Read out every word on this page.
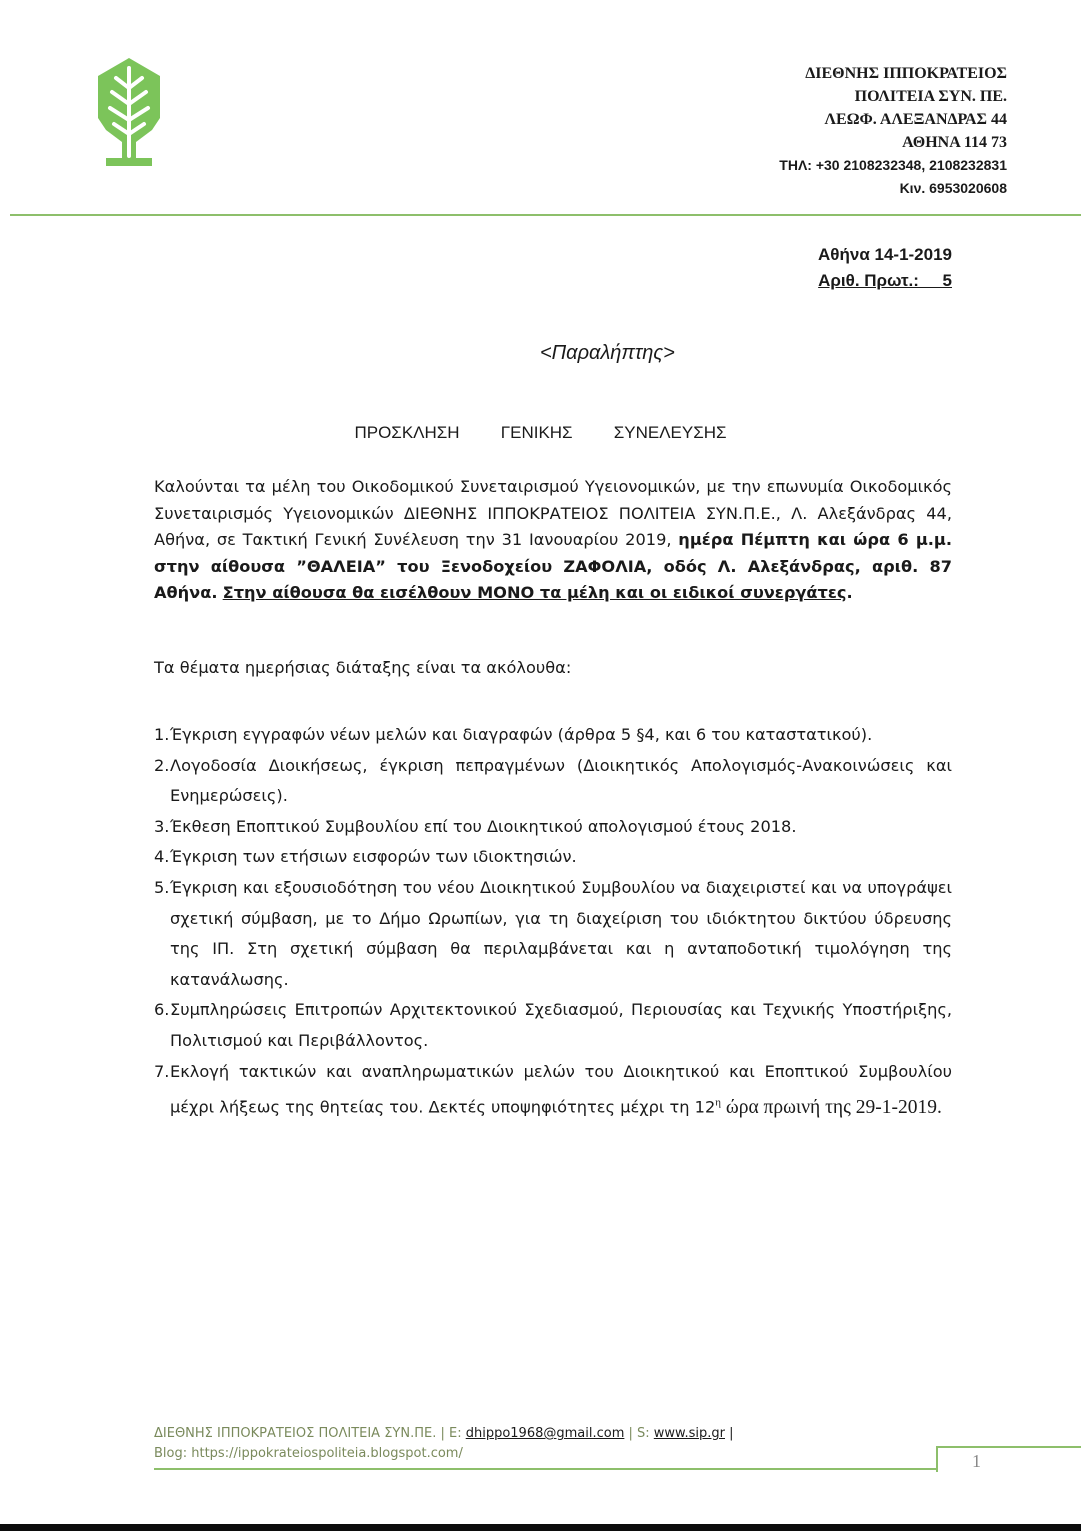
ΔΙΕΘΝΗΣ ΙΠΠΟΚΡΑΤΕΙΟΣ
ΠΟΛΙΤΕΙΑ ΣΥΝ. ΠΕ.
ΛΕΩΦ. ΑΛΕΞΑΝΔΡΑΣ 44
ΑΘΗΝΑ 114 73
ΤΗΛ: +30 2108232348, 2108232831
Κιν. 6953020608
Αθήνα 14-1-2019
Αριθ. Πρωτ.:     5
<Παραλήπτης>
ΠΡΟΣΚΛΗΣΗ   ΓΕΝΙΚΗΣ   ΣΥΝΕΛΕΥΣΗΣ
Καλούνται τα μέλη του Οικοδομικού Συνεταιρισμού Υγειονομικών, με την επωνυμία Οικοδομικός Συνεταιρισμός Υγειονομικών ΔΙΕΘΝΗΣ ΙΠΠΟΚΡΑΤΕΙΟΣ ΠΟΛΙΤΕΙΑ ΣΥΝ.Π.Ε., Λ. Αλεξάνδρας 44, Αθήνα, σε Τακτική Γενική Συνέλευση την 31 Ιανουαρίου 2019, ημέρα Πέμπτη και ώρα 6 μ.μ. στην αίθουσα ”ΘΑΛΕΙΑ” του Ξενοδοχείου ΖΑΦΟΛΙΑ, οδός Λ. Αλεξάνδρας, αριθ. 87 Αθήνα. Στην αίθουσα θα εισέλθουν ΜΟΝΟ τα μέλη και οι ειδικοί συνεργάτες.
Τα θέματα ημερήσιας διάταξης είναι τα ακόλουθα:
1. Έγκριση εγγραφών νέων μελών και διαγραφών (άρθρα 5 §4, και 6 του καταστατικού).
2. Λογοδοσία Διοικήσεως, έγκριση πεπραγμένων (Διοικητικός Απολογισμός-Ανακοινώσεις και Ενημερώσεις).
3. Έκθεση Εποπτικού Συμβουλίου επί του Διοικητικού απολογισμού έτους 2018.
4. Έγκριση των ετήσιων εισφορών των ιδιοκτησιών.
5. Έγκριση και εξουσιοδότηση του νέου Διοικητικού Συμβουλίου να διαχειριστεί και να υπογράψει σχετική σύμβαση, με το Δήμο Ωρωπίων, για τη διαχείριση του ιδιόκτητου δικτύου ύδρευσης της ΙΠ. Στη σχετική σύμβαση θα περιλαμβάνεται και η ανταποδοτική τιμολόγηση της κατανάλωσης.
6. Συμπληρώσεις Επιτροπών Αρχιτεκτονικού Σχεδιασμού, Περιουσίας και Τεχνικής Υποστήριξης, Πολιτισμού και Περιβάλλοντος.
7. Εκλογή τακτικών και αναπληρωματικών μελών του Διοικητικού και Εποπτικού Συμβουλίου μέχρι λήξεως της θητείας του. Δεκτές υποψηφιότητες μέχρι τη $12^\eta$ ώρα πρωινή της 29-1-2019.
ΔΙΕΘΝΗΣ ΙΠΠΟΚΡΑΤΕΙΟΣ ΠΟΛΙΤΕΙΑ ΣΥΝ.ΠΕ. | E: dhippo1968@gmail.com | S: www.sip.gr |
Blog: https://ippokrateiospoliteia.blogspot.com/	1
